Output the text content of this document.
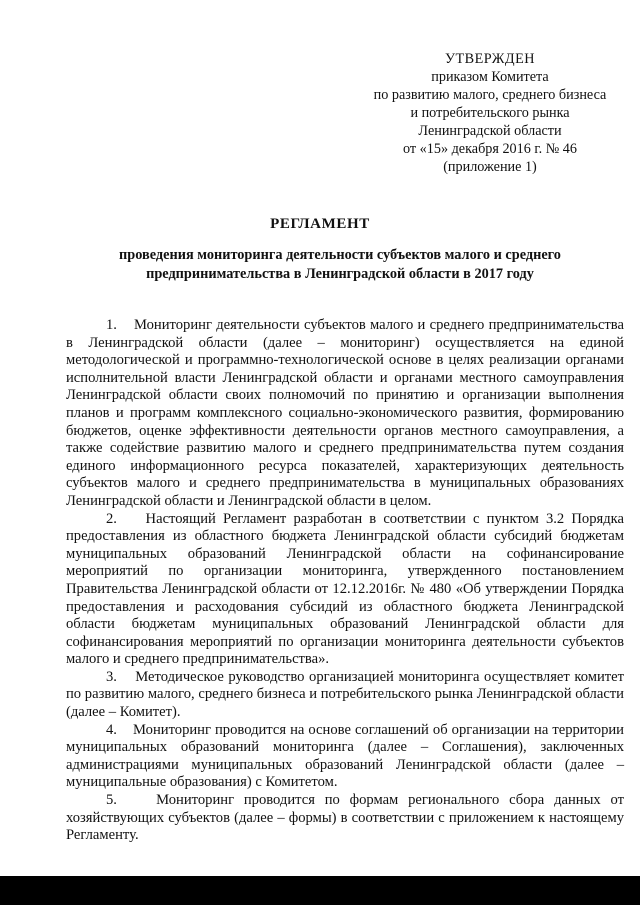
УТВЕРЖДЕН
приказом Комитета
по развитию малого, среднего бизнеса
и потребительского рынка
Ленинградской области
от «15» декабря 2016 г. № 46
(приложение 1)
РЕГЛАМЕНТ
проведения мониторинга деятельности субъектов малого и среднего
предпринимательства в Ленинградской области в 2017 году

1.    Мониторинг деятельности субъектов малого и среднего предпринимательства в Ленинградской области (далее – мониторинг) осуществляется на единой методологической и программно-технологической основе в целях реализации органами исполнительной власти Ленинградской области и органами местного самоуправления Ленинградской области своих полномочий по принятию и организации выполнения планов и программ комплексного социально-экономического развития, формированию бюджетов, оценке эффективности деятельности органов местного самоуправления, а также содействие развитию малого и среднего предпринимательства путем создания единого информационного ресурса показателей, характеризующих деятельность субъектов малого и среднего предпринимательства в муниципальных образованиях Ленинградской области и Ленинградской области в целом.

2.    Настоящий Регламент разработан в соответствии с пунктом 3.2 Порядка предоставления из областного бюджета Ленинградской области субсидий бюджетам муниципальных образований Ленинградской области на софинансирование мероприятий по организации мониторинга, утвержденного постановлением Правительства Ленинградской области от 12.12.2016г. № 480 «Об утверждении Порядка предоставления и расходования субсидий из областного бюджета Ленинградской области бюджетам муниципальных образований Ленинградской области для софинансирования мероприятий по организации мониторинга деятельности субъектов малого и среднего предпринимательства».

3.    Методическое руководство организацией мониторинга осуществляет комитет по развитию малого, среднего бизнеса и потребительского рынка Ленинградской области (далее – Комитет).

4.    Мониторинг проводится на основе соглашений об организации на территории муниципальных образований мониторинга (далее – Соглашения), заключенных администрациями муниципальных образований Ленинградской области (далее – муниципальные образования) с Комитетом.

5.    Мониторинг проводится по формам регионального сбора данных от хозяйствующих субъектов (далее – формы) в соответствии с приложением к настоящему Регламенту.
